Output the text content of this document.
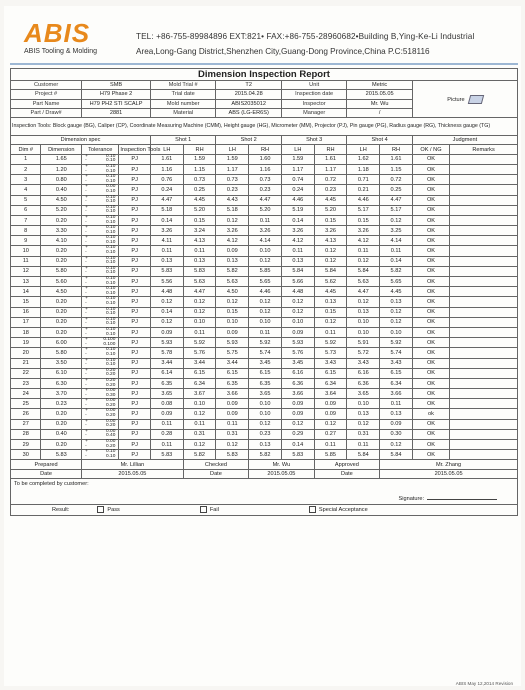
ABIS
ABIS Tooling & Molding
TEL: +86-755-89984896 EXT:821• FAX:+86-755-28960682•Building B,Ying-Ke-Li Industrial
Area,Long-Gang District,Shenzhen City,Guang-Dong Province,China P.C:518116
Dimension Inspection Report													
Customer		SMB		Mold Trial #		T2		Unit		Metric		Picture	
Project #		H79 Phase 2		Trial date		2015.04.28		Inspection date		2015.05.05			
Part Name		H79 PH2 STI SCALP		Mold number		ABIS2035012		Inspector		Mr. Wu			
Part / Draw#		2881		Material		ABS (LG-ER6S)		Manager		/			
Inspection Tools: Block gauge (BG), Caliper (CP), Coordinate Measuring Machine (CMM), Height gauge (HG), Micrometer (MM), Projector (PJ), Pin gauge (PG), Radius gauge (RG), Thickness gauge (TG)													
Dimension spec				Shot 1		Shot 2		Shot 3		Shot 4		Judgment	
Dim #	Dimension	Tolerance	Inspection Tools	LH	RH	LH	RH	LH	RH	LH	RH	OK / NG	Remarks
1	1.65	+ 0.10
- 0.10	PJ	1.61	1.59	1.59	1.60	1.59	1.61	1.62	1.61	OK	
2	1.20	+ 0.10
- 0.10	PJ	1.16	1.15	1.17	1.16	1.17	1.17	1.18	1.15	OK	
3	0.80	+ 0.10
- 0.10	PJ	0.76	0.73	0.73	0.73	0.74	0.72	0.71	0.72	OK	
4	0.40	+ 0.00
- 0.10	PJ	0.24	0.25	0.23	0.23	0.24	0.23	0.21	0.25	OK	
5	4.50	+ 0.10
- 0.10	PJ	4.47	4.45	4.43	4.47	4.46	4.45	4.46	4.47	OK	
6	5.20	+ 0.10
- 0.10	PJ	5.18	5.20	5.18	5.20	5.19	5.20	5.17	5.17	OK	
7	0.20	+ 0.10
- 0.10	PJ	0.14	0.15	0.12	0.11	0.14	0.15	0.15	0.12	OK	
8	3.30	+ 0.10
- 0.10	PJ	3.26	3.24	3.26	3.26	3.26	3.26	3.26	3.25	OK	
9	4.10	+ 0.10
- 0.10	PJ	4.11	4.13	4.12	4.14	4.12	4.13	4.12	4.14	OK	
10	0.20	+ 0.10
- 0.10	PJ	0.11	0.11	0.09	0.10	0.11	0.12	0.11	0.11	OK	
11	0.20	+ 0.10
- 0.10	PJ	0.13	0.13	0.13	0.12	0.13	0.12	0.12	0.14	OK	
12	5.80	+ 0.10
- 0.10	PJ	5.83	5.83	5.82	5.85	5.84	5.84	5.84	5.82	OK	
13	5.60	+ 0.10
- 0.10	PJ	5.56	5.63	5.63	5.65	5.66	5.62	5.63	5.65	OK	
14	4.50	+ 0.10
- 0.10	PJ	4.48	4.47	4.50	4.46	4.48	4.45	4.47	4.45	OK	
15	0.20	+ 0.10
- 0.10	PJ	0.12	0.12	0.12	0.12	0.12	0.13	0.12	0.13	OK	
16	0.20	+ 0.10
- 0.10	PJ	0.14	0.12	0.15	0.12	0.12	0.15	0.13	0.12	OK	
17	0.20	+ 0.10
- 0.10	PJ	0.12	0.10	0.10	0.10	0.10	0.12	0.10	0.12	OK	
18	0.20	+ 0.10
- 0.10	PJ	0.09	0.11	0.09	0.11	0.09	0.11	0.10	0.10	OK	
19	6.00	+ 0.100
- 0.100	PJ	5.93	5.92	5.93	5.92	5.93	5.92	5.91	5.92	OK	
20	5.80	+ 0.10
- 0.10	PJ	5.78	5.76	5.75	5.74	5.76	5.73	5.72	5.74	OK	
21	3.50	+ 0.10
- 0.10	PJ	3.44	3.44	3.44	3.45	3.45	3.43	3.43	3.43	OK	
22	6.10	+ 0.20
- 0.20	PJ	6.14	6.15	6.15	6.15	6.16	6.15	6.16	6.15	OK	
23	6.30	+ 0.20
- 0.20	PJ	6.35	6.34	6.35	6.35	6.36	6.34	6.36	6.34	OK	
24	3.70	+ 0.00
- 0.30	PJ	3.65	3.67	3.66	3.65	3.66	3.64	3.65	3.66	OK	
25	0.23	+ 0.00
- 0.20	PJ	0.08	0.10	0.09	0.10	0.09	0.09	0.10	0.11	OK	
26	0.20	+ 0.00
- 0.20	PJ	0.09	0.12	0.09	0.10	0.09	0.09	0.13	0.13	ok	
27	0.20	+ 0.00
- 0.20	PJ	0.11	0.11	0.11	0.12	0.12	0.12	0.12	0.09	OK	
28	0.40	+ 0.00
- 0.40	PJ	0.28	0.31	0.31	0.23	0.29	0.27	0.31	0.30	OK	
29	0.20	+ 0.00
- 0.20	PJ	0.11	0.12	0.12	0.13	0.14	0.11	0.11	0.12	OK	
30	5.83	+ 0.10
- 0.10	PJ	5.83	5.82	5.83	5.82	5.83	5.85	5.84	5.84	OK	
Prepared		Mr. Lillian			Checked		Mr. Wu		Approved		Mr. Zhang		
Date		2015.05.05			Date		2015.05.05		Date		2015.05.05		

To be completed by customer:
Signature:													

Result: Pass Fail Special Acceptance													
ABIS May 12,2014 Revision
